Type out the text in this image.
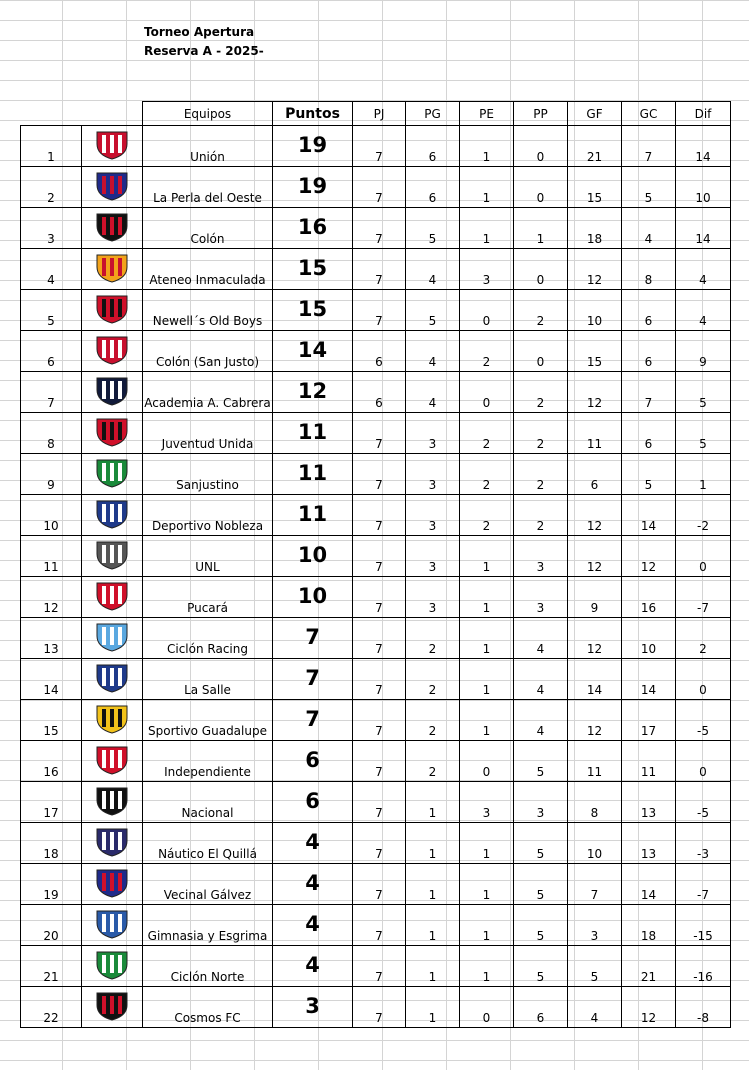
Torneo Apertura
Reserva A - 2025-
		Equipos	Puntos	PJ	PG	PE	PP	GF	GC	Dif
1		Unión	19	7	6	1	0	21	7	14
2		La Perla del Oeste	19	7	6	1	0	15	5	10
3		Colón	16	7	5	1	1	18	4	14
4		Ateneo Inmaculada	15	7	4	3	0	12	8	4
5		Newell´s Old Boys	15	7	5	0	2	10	6	4
6		Colón (San Justo)	14	6	4	2	0	15	6	9
7		Academia A. Cabrera	12	6	4	0	2	12	7	5
8		Juventud Unida	11	7	3	2	2	11	6	5
9		Sanjustino	11	7	3	2	2	6	5	1
10		Deportivo Nobleza	11	7	3	2	2	12	14	-2
11		UNL	10	7	3	1	3	12	12	0
12		Pucará	10	7	3	1	3	9	16	-7
13		Ciclón Racing	7	7	2	1	4	12	10	2
14		La Salle	7	7	2	1	4	14	14	0
15		Sportivo Guadalupe	7	7	2	1	4	12	17	-5
16		Independiente	6	7	2	0	5	11	11	0
17		Nacional	6	7	1	3	3	8	13	-5
18		Náutico El Quillá	4	7	1	1	5	10	13	-3
19		Vecinal Gálvez	4	7	1	1	5	7	14	-7
20		Gimnasia y Esgrima	4	7	1	1	5	3	18	-15
21		Ciclón Norte	4	7	1	1	5	5	21	-16
22		Cosmos FC	3	7	1	0	6	4	12	-8
